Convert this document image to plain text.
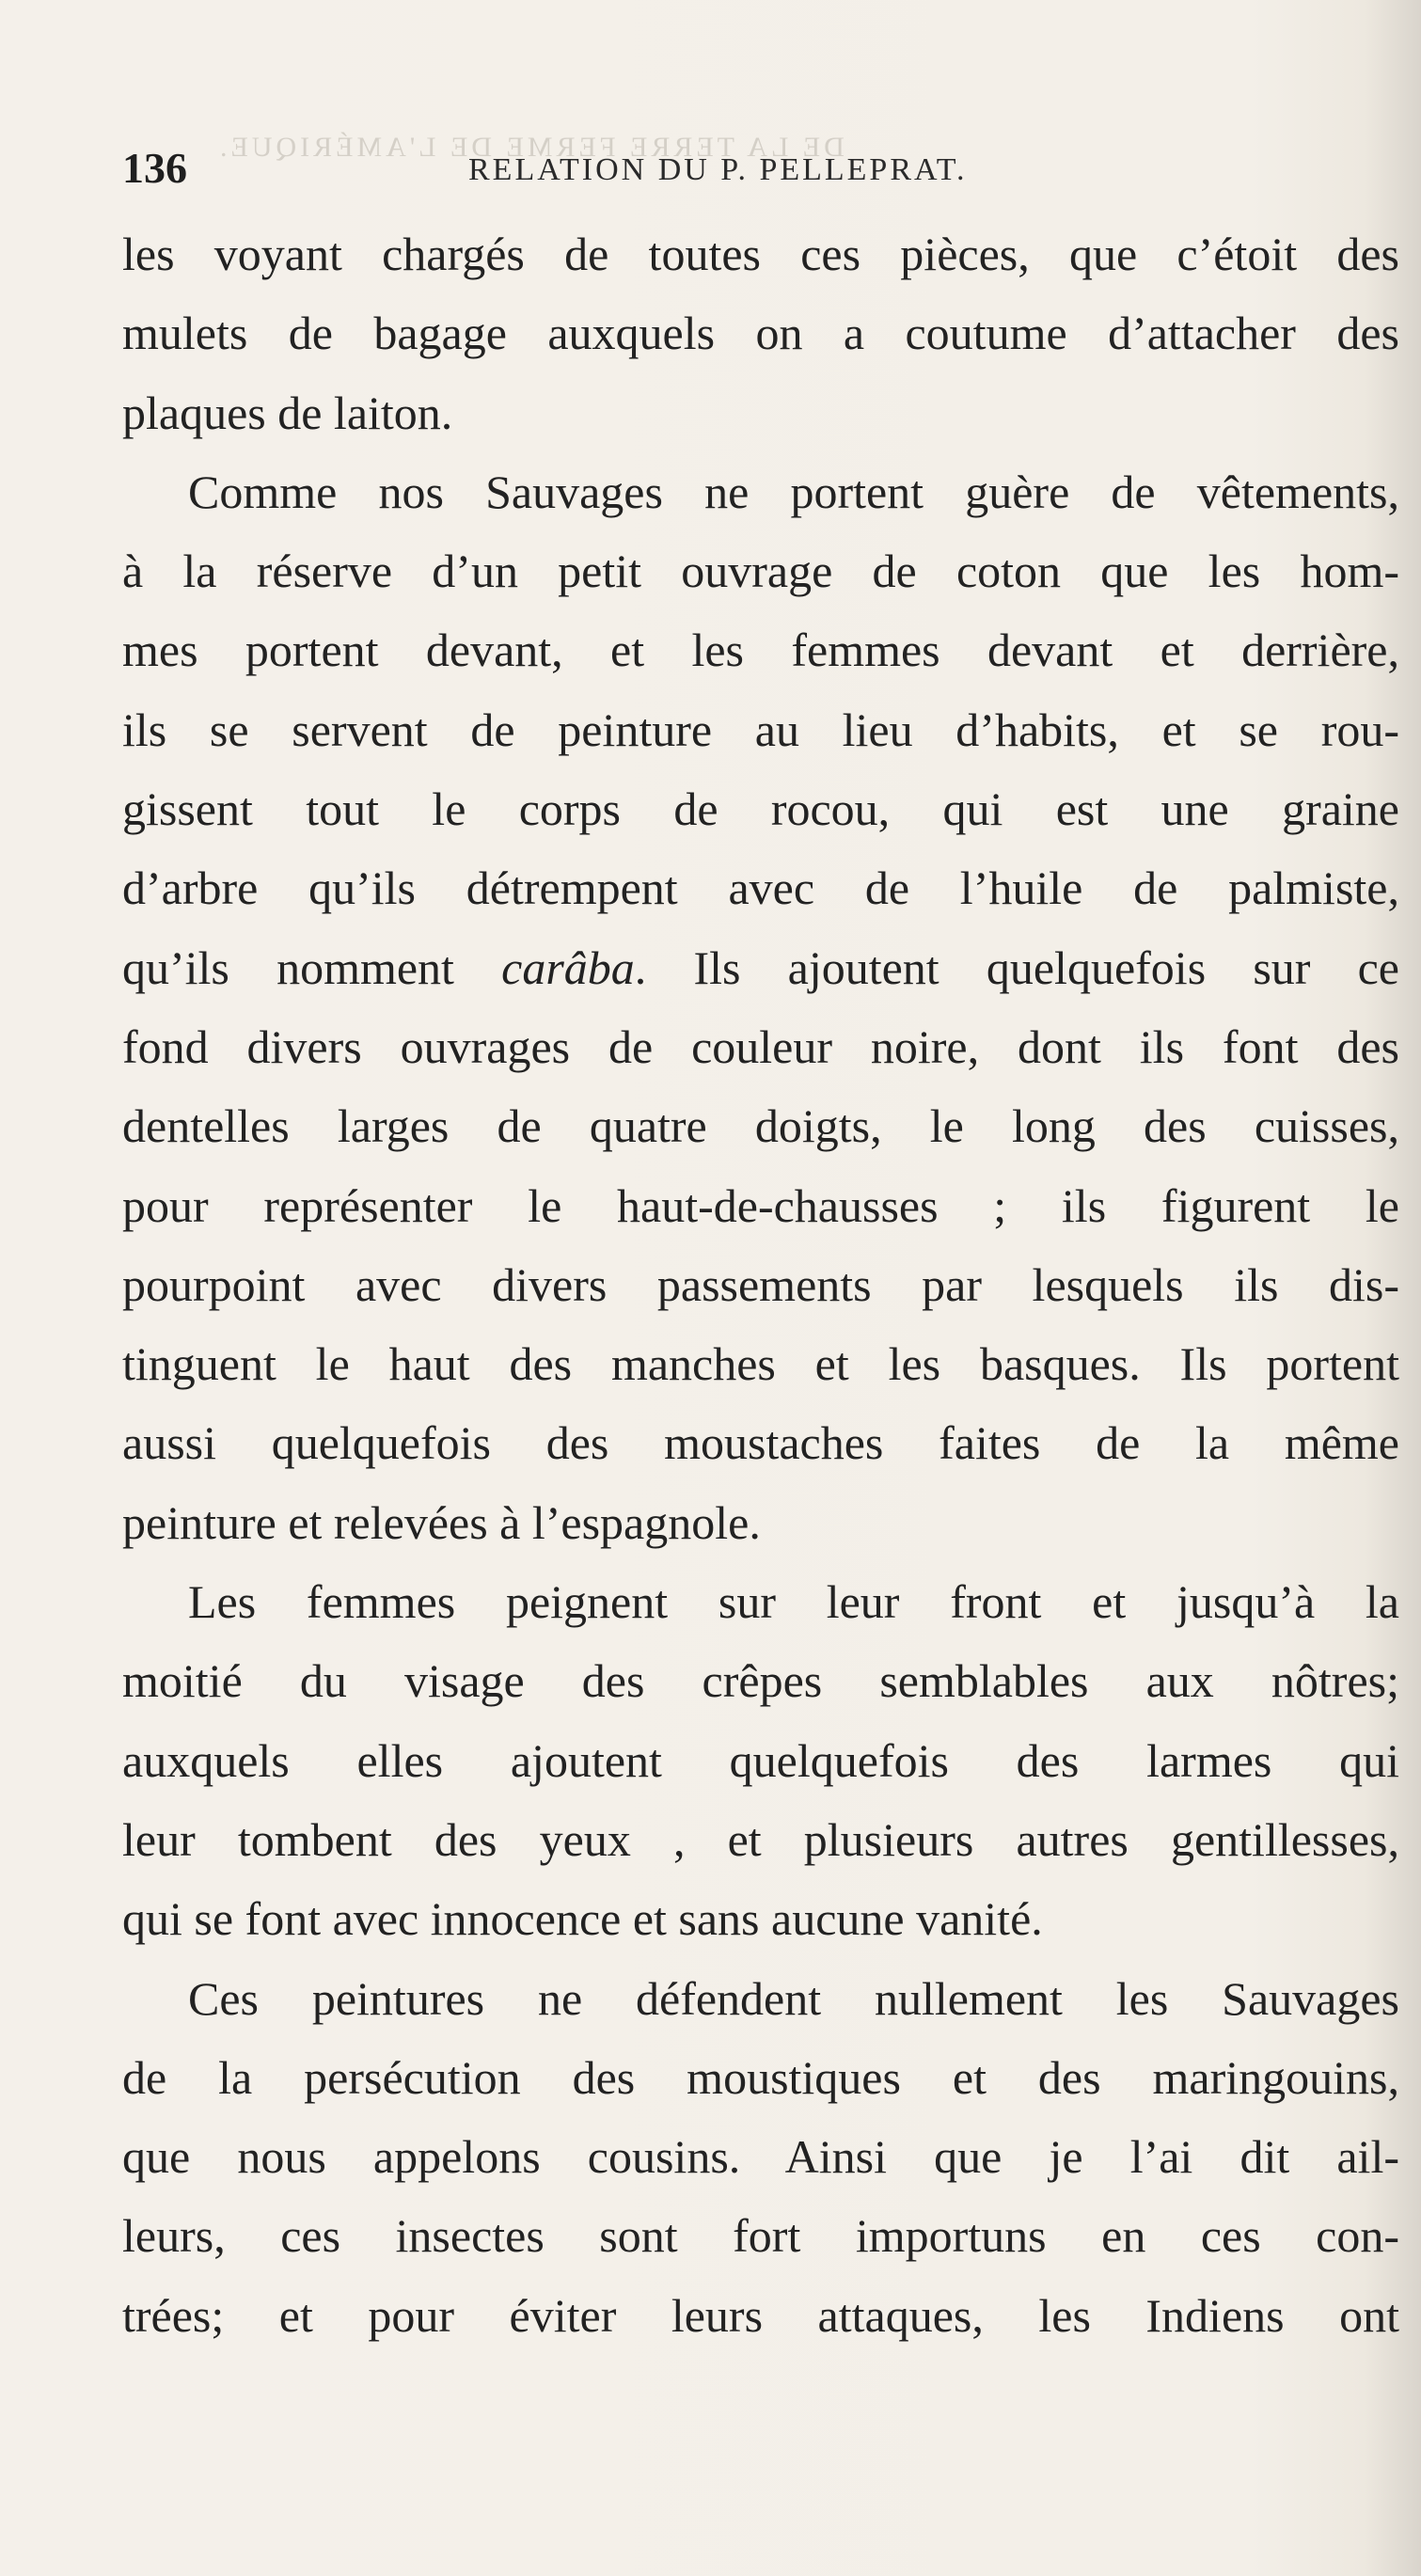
DE LA TERRE FERME DE L'AMÉRIQUE.
136	RELATION DU P. PELLEPRAT.
les voyant chargés de toutes ces pièces, que c’étoit des
mulets de bagage auxquels on a coutume d’attacher des
plaques de laiton.
Comme nos Sauvages ne portent guère de vêtements,
à la réserve d’un petit ouvrage de coton que les hom-
mes portent devant, et les femmes devant et derrière,
ils se servent de peinture au lieu d’habits, et se rou-
gissent tout le corps de rocou, qui est une graine
d’arbre qu’ils détrempent avec de l’huile de palmiste,
qu’ils nomment carâba. Ils ajoutent quelquefois sur ce
fond divers ouvrages de couleur noire, dont ils font des
dentelles larges de quatre doigts, le long des cuisses,
pour représenter le haut-de-chausses ; ils figurent le
pourpoint avec divers passements par lesquels ils dis-
tinguent le haut des manches et les basques. Ils portent
aussi quelquefois des moustaches faites de la même
peinture et relevées à l’espagnole.
Les femmes peignent sur leur front et jusqu’à la
moitié du visage des crêpes semblables aux nôtres;
auxquels elles ajoutent quelquefois des larmes qui
leur tombent des yeux , et plusieurs autres gentillesses,
qui se font avec innocence et sans aucune vanité.
Ces peintures ne défendent nullement les Sauvages
de la persécution des moustiques et des maringouins,
que nous appelons cousins. Ainsi que je l’ai dit ail-
leurs, ces insectes sont fort importuns en ces con-
trées; et pour éviter leurs attaques, les Indiens ont
